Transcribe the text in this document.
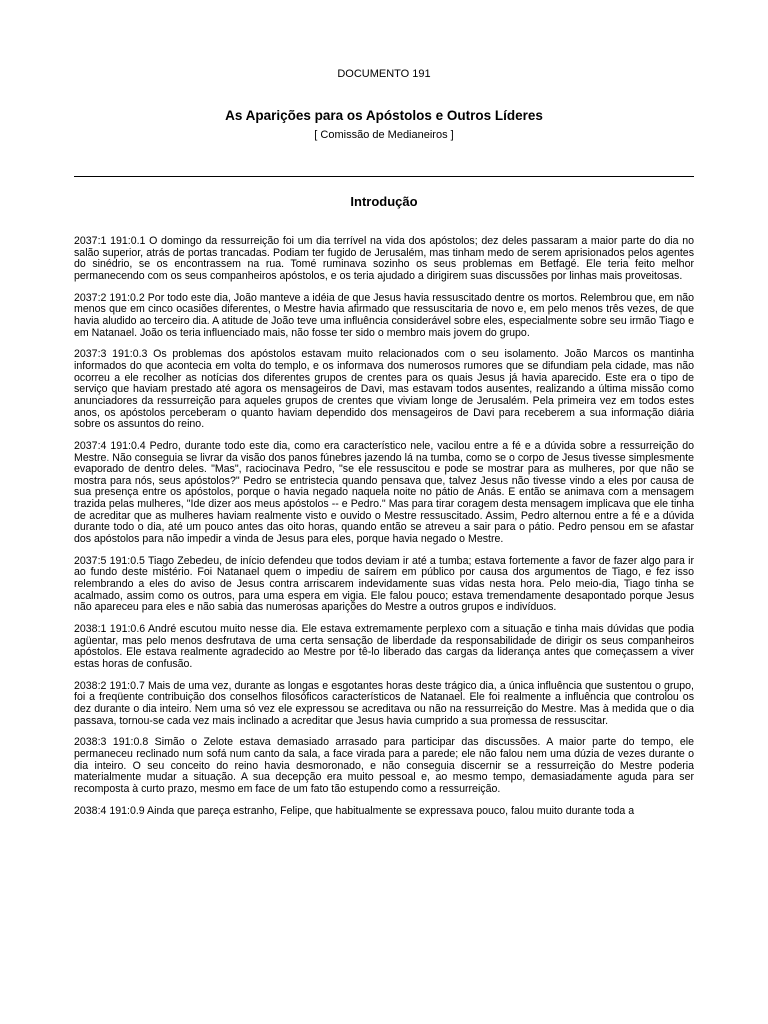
DOCUMENTO 191
As Aparições para os Apóstolos e Outros Líderes
[ Comissão de Medianeiros ]
Introdução

2037:1 191:0.1 O domingo da ressurreição foi um dia terrível na vida dos apóstolos; dez deles passaram a maior parte do dia no salão superior, atrás de portas trancadas. Podiam ter fugido de Jerusalém, mas tinham medo de serem aprisionados pelos agentes do sinédrio, se os encontrassem na rua. Tomé ruminava sozinho os seus problemas em Betfagé. Ele teria feito melhor permanecendo com os seus companheiros apóstolos, e os teria ajudado a dirigirem suas discussões por linhas mais proveitosas.

2037:2 191:0.2 Por todo este dia, João manteve a idéia de que Jesus havia ressuscitado dentre os mortos. Relembrou que, em não menos que em cinco ocasiões diferentes, o Mestre havia afirmado que ressuscitaria de novo e, em pelo menos três vezes, de que havia aludido ao terceiro dia. A atitude de João teve uma influência considerável sobre eles, especialmente sobre seu irmão Tiago e em Natanael. João os teria influenciado mais, não fosse ter sido o membro mais jovem do grupo.

2037:3 191:0.3 Os problemas dos apóstolos estavam muito relacionados com o seu isolamento. João Marcos os mantinha informados do que acontecia em volta do templo, e os informava dos numerosos rumores que se difundiam pela cidade, mas não ocorreu a ele recolher as notícias dos diferentes grupos de crentes para os quais Jesus já havia aparecido. Este era o tipo de serviço que haviam prestado até agora os mensageiros de Davi, mas estavam todos ausentes, realizando a última missão como anunciadores da ressurreição para aqueles grupos de crentes que viviam longe de Jerusalém. Pela primeira vez em todos estes anos, os apóstolos perceberam o quanto haviam dependido dos mensageiros de Davi para receberem a sua informação diária sobre os assuntos do reino.

2037:4 191:0.4 Pedro, durante todo este dia, como era característico nele, vacilou entre a fé e a dúvida sobre a ressurreição do Mestre. Não conseguia se livrar da visão dos panos fúnebres jazendo lá na tumba, como se o corpo de Jesus tivesse simplesmente evaporado de dentro deles. "Mas", raciocinava Pedro, "se ele ressuscitou e pode se mostrar para as mulheres, por que não se mostra para nós, seus apóstolos?" Pedro se entristecia quando pensava que, talvez Jesus não tivesse vindo a eles por causa de sua presença entre os apóstolos, porque o havia negado naquela noite no pátio de Anás. E então se animava com a mensagem trazida pelas mulheres, "Ide dizer aos meus apóstolos -- e Pedro." Mas para tirar coragem desta mensagem implicava que ele tinha de acreditar que as mulheres haviam realmente visto e ouvido o Mestre ressuscitado. Assim, Pedro alternou entre a fé e a dúvida durante todo o dia, até um pouco antes das oito horas, quando então se atreveu a sair para o pátio. Pedro pensou em se afastar dos apóstolos para não impedir a vinda de Jesus para eles, porque havia negado o Mestre.

2037:5 191:0.5 Tiago Zebedeu, de início defendeu que todos deviam ir até a tumba; estava fortemente a favor de fazer algo para ir ao fundo deste mistério. Foi Natanael quem o impediu de saírem em público por causa dos argumentos de Tiago, e fez isso relembrando a eles do aviso de Jesus contra arriscarem indevidamente suas vidas nesta hora. Pelo meio-dia, Tiago tinha se acalmado, assim como os outros, para uma espera em vigia. Ele falou pouco; estava tremendamente desapontado porque Jesus não apareceu para eles e não sabia das numerosas aparições do Mestre a outros grupos e indivíduos.

2038:1 191:0.6 André escutou muito nesse dia. Ele estava extremamente perplexo com a situação e tinha mais dúvidas que podia agüentar, mas pelo menos desfrutava de uma certa sensação de liberdade da responsabilidade de dirigir os seus companheiros apóstolos. Ele estava realmente agradecido ao Mestre por tê-lo liberado das cargas da liderança antes que começassem a viver estas horas de confusão.

2038:2 191:0.7 Mais de uma vez, durante as longas e esgotantes horas deste trágico dia, a única influência que sustentou o grupo, foi a freqüente contribuição dos conselhos filosóficos característicos de Natanael. Ele foi realmente a influência que controlou os dez durante o dia inteiro. Nem uma só vez ele expressou se acreditava ou não na ressurreição do Mestre. Mas à medida que o dia passava, tornou-se cada vez mais inclinado a acreditar que Jesus havia cumprido a sua promessa de ressuscitar.

2038:3 191:0.8 Simão o Zelote estava demasiado arrasado para participar das discussões. A maior parte do tempo, ele permaneceu reclinado num sofá num canto da sala, a face virada para a parede; ele não falou nem uma dúzia de vezes durante o dia inteiro. O seu conceito do reino havia desmoronado, e não conseguia discernir se a ressurreição do Mestre poderia materialmente mudar a situação. A sua decepção era muito pessoal e, ao mesmo tempo, demasiadamente aguda para ser recomposta à curto prazo, mesmo em face de um fato tão estupendo como a ressurreição.

2038:4 191:0.9 Ainda que pareça estranho, Felipe, que habitualmente se expressava pouco, falou muito durante toda a
